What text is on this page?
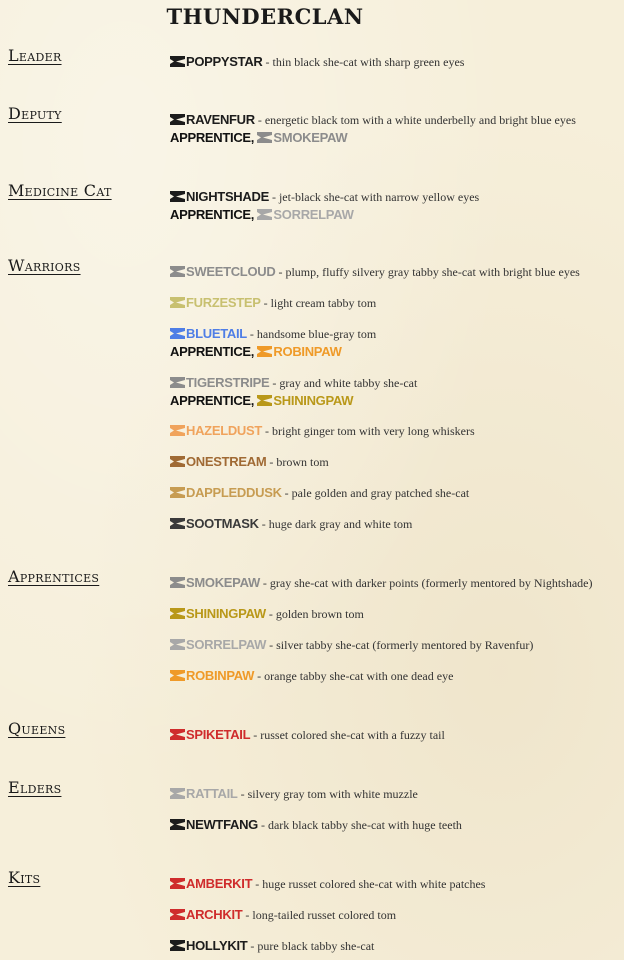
THUNDERCLAN
Leader
Deputy
Medicine Cat
Warriors
Apprentices
Queens
Elders
Kits
POPPYSTAR - thin black she-cat with sharp green eyes
RAVENFUR - energetic black tom with a white underbelly and bright blue eyes
APPRENTICE,
SMOKEPAW
NIGHTSHADE - jet-black she-cat with narrow yellow eyes
APPRENTICE,
SORRELPAW
SWEETCLOUD - plump, fluffy silvery gray tabby she-cat with bright blue eyes
FURZESTEP - light cream tabby tom
BLUETAIL - handsome blue-gray tom
APPRENTICE,
ROBINPAW
TIGERSTRIPE - gray and white tabby she-cat
APPRENTICE,
SHININGPAW
HAZELDUST - bright ginger tom with very long whiskers
ONESTREAM - brown tom
DAPPLEDDUSK - pale golden and gray patched she-cat
SOOTMASK - huge dark gray and white tom
SMOKEPAW - gray she-cat with darker points (formerly mentored by Nightshade)
SHININGPAW - golden brown tom
SORRELPAW - silver tabby she-cat (formerly mentored by Ravenfur)
ROBINPAW - orange tabby she-cat with one dead eye
SPIKETAIL - russet colored she-cat with a fuzzy tail
RATTAIL - silvery gray tom with white muzzle
NEWTFANG - dark black tabby she-cat with huge teeth
AMBERKIT - huge russet colored she-cat with white patches
ARCHKIT - long-tailed russet colored tom
HOLLYKIT - pure black tabby she-cat
